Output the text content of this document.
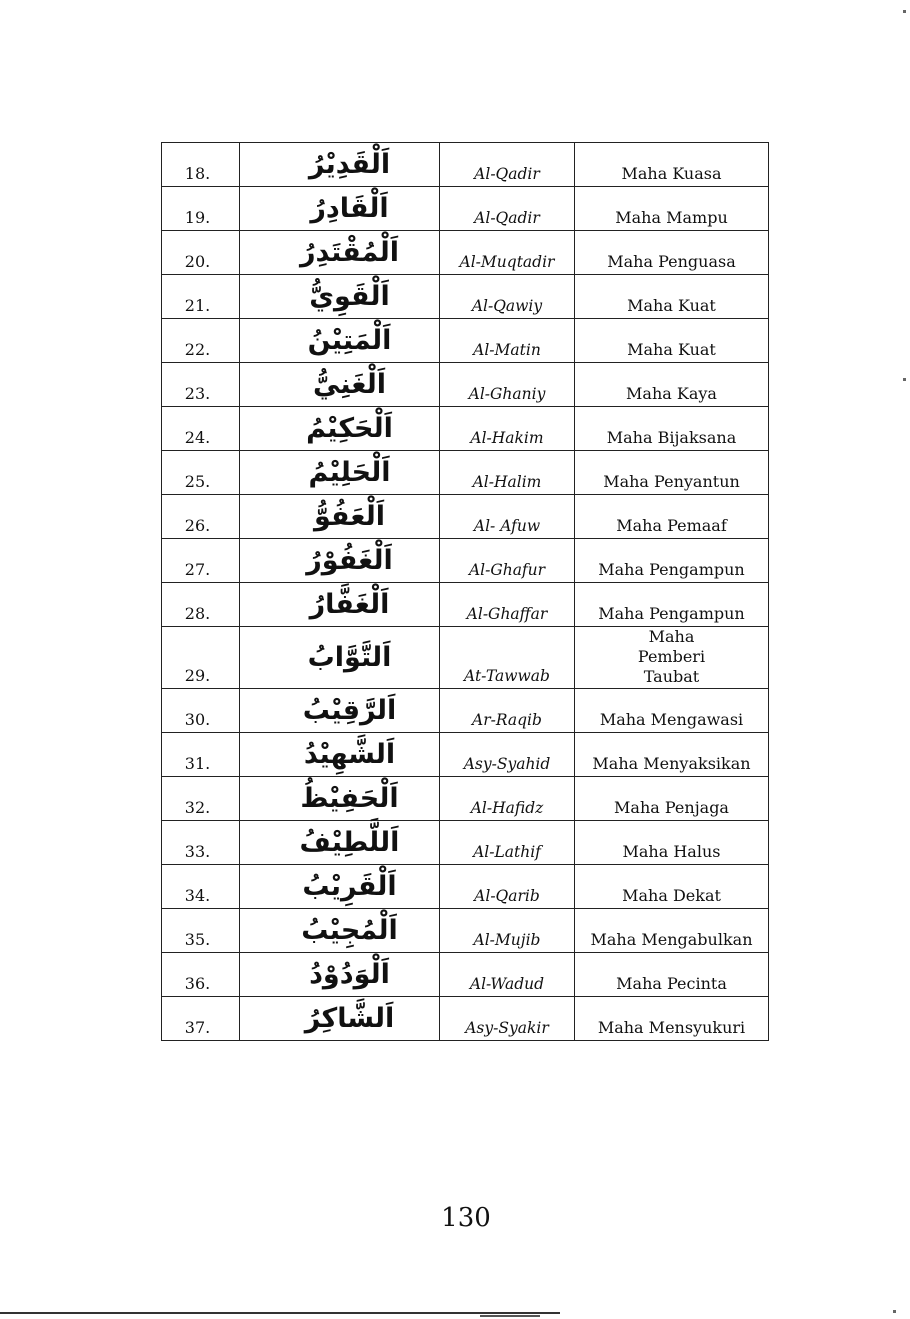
18.	اَلْقَدِيْرُ	Al-Qadir	Maha Kuasa
19.	اَلْقَادِرُ	Al-Qadir	Maha Mampu
20.	اَلْمُقْتَدِرُ	Al-Muqtadir	Maha Penguasa
21.	اَلْقَوِيُّ	Al-Qawiy	Maha Kuat
22.	اَلْمَتِيْنُ	Al-Matin	Maha Kuat
23.	اَلْغَنِيُّ	Al-Ghaniy	Maha Kaya
24.	اَلْحَكِيْمُ	Al-Hakim	Maha Bijaksana
25.	اَلْحَلِيْمُ	Al-Halim	Maha Penyantun
26.	اَلْعَفُوُّ	Al- Afuw	Maha Pemaaf
27.	اَلْغَفُوْرُ	Al-Ghafur	Maha Pengampun
28.	اَلْغَفَّارُ	Al-Ghaffar	Maha Pengampun
29.	اَلتَّوَّابُ	At-Tawwab	Maha Pemberi Taubat
30.	اَلرَّقِيْبُ	Ar-Raqib	Maha Mengawasi
31.	اَلشَّهِيْدُ	Asy-Syahid	Maha Menyaksikan
32.	اَلْحَفِيْظُ	Al-Hafidz	Maha Penjaga
33.	اَللَّطِيْفُ	Al-Lathif	Maha Halus
34.	اَلْقَرِيْبُ	Al-Qarib	Maha Dekat
35.	اَلْمُجِيْبُ	Al-Mujib	Maha Mengabulkan
36.	اَلْوَدُوْدُ	Al-Wadud	Maha Pecinta
37.	اَلشَّاكِرُ	Asy-Syakir	Maha Mensyukuri
130
